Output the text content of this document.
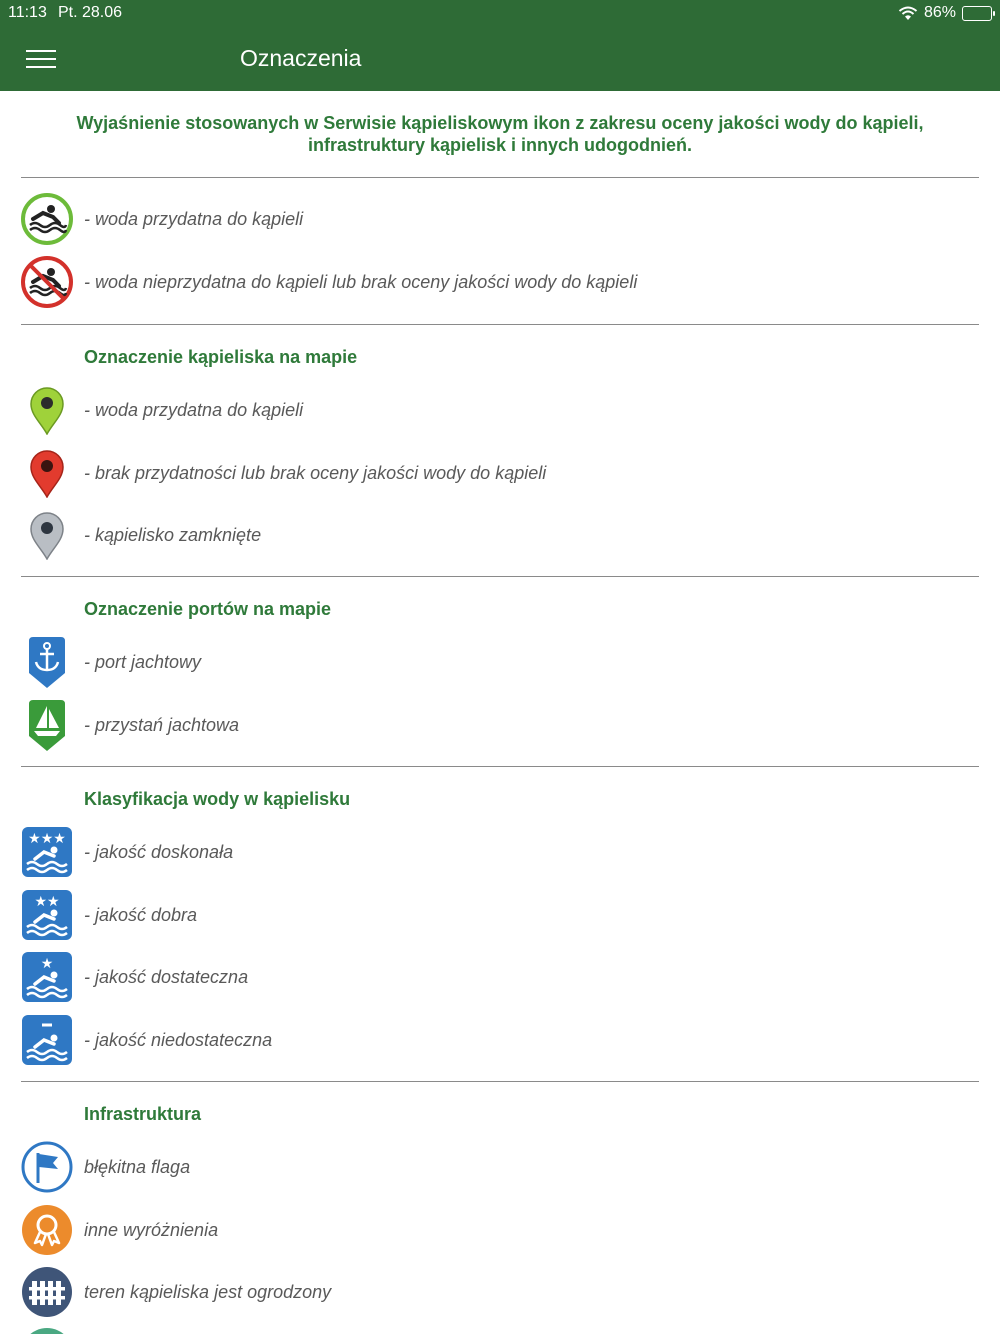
11:13 Pt. 28.06	86%
Oznaczenia
Wyjaśnienie stosowanych w Serwisie kąpieliskowym ikon z zakresu oceny jakości wody do kąpieli, infrastruktury kąpielisk i innych udogodnień.
- woda przydatna do kąpieli
- woda nieprzydatna do kąpieli lub brak oceny jakości wody do kąpieli
Oznaczenie kąpieliska na mapie
- woda przydatna do kąpieli
- brak przydatności lub brak oceny jakości wody do kąpieli
- kąpielisko zamknięte
Oznaczenie portów na mapie
- port jachtowy
- przystań jachtowa
Klasyfikacja wody w kąpielisku
★★★
- jakość doskonała
★★
- jakość dobra
★
- jakość dostateczna
- jakość niedostateczna
Infrastruktura
błękitna flaga
inne wyróżnienia
teren kąpieliska jest ogrodzony
